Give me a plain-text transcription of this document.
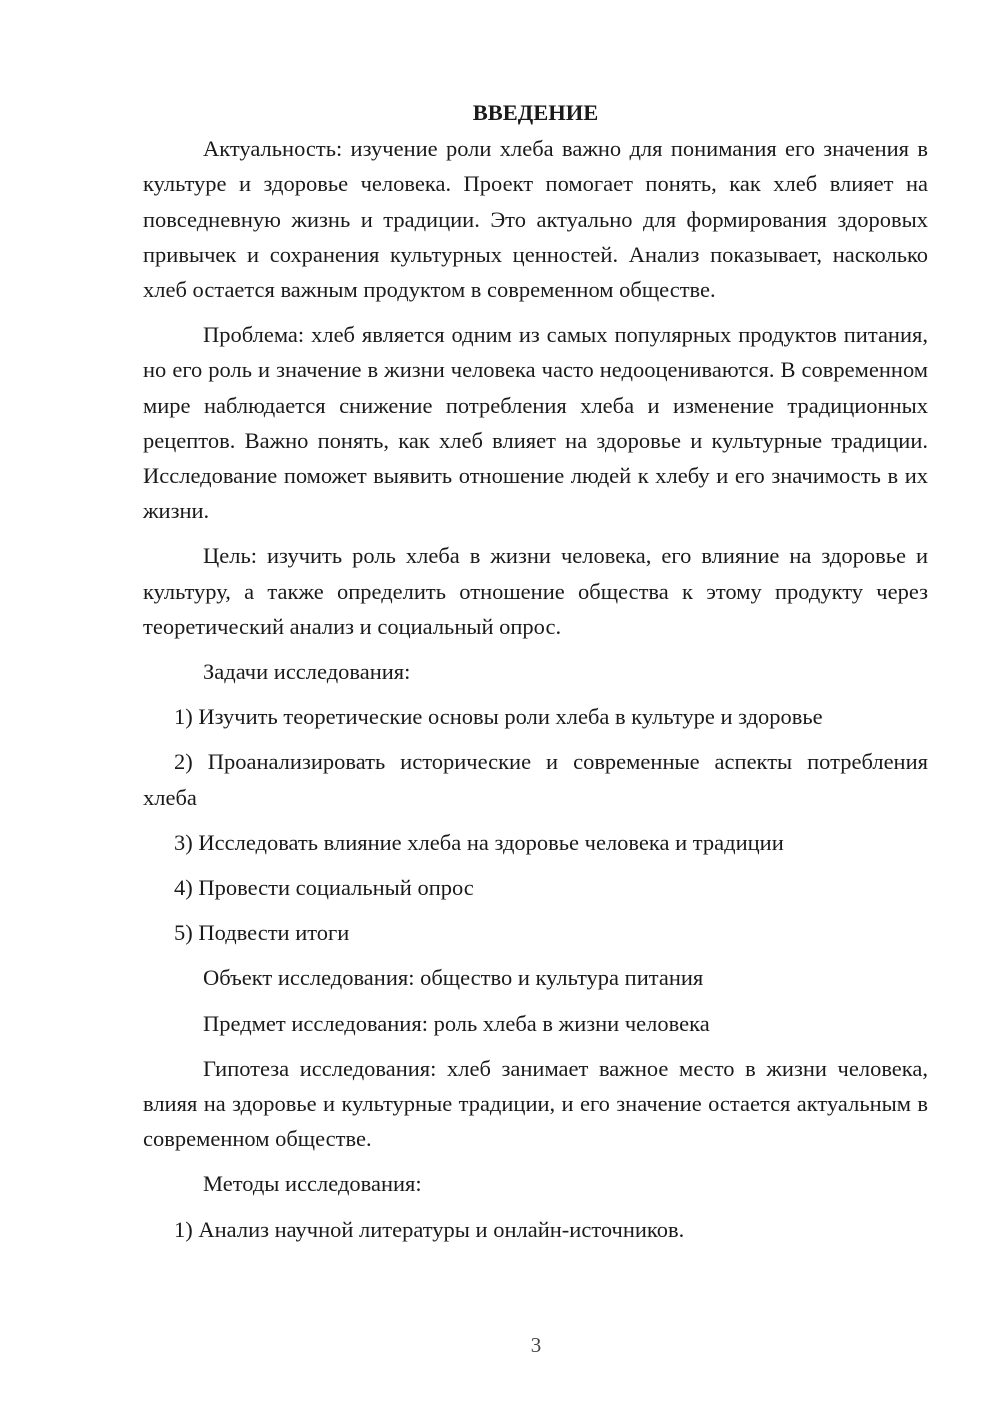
ВВЕДЕНИЕ

Актуальность: изучение роли хлеба важно для понимания его значения в культуре и здоровье человека. Проект помогает понять, как хлеб влияет на повседневную жизнь и традиции. Это актуально для формирования здоровых привычек и сохранения культурных ценностей. Анализ показывает, насколько хлеб остается важным продуктом в современном обществе.

Проблема: хлеб является одним из самых популярных продуктов питания, но его роль и значение в жизни человека часто недооцениваются. В современном мире наблюдается снижение потребления хлеба и изменение традиционных рецептов. Важно понять, как хлеб влияет на здоровье и культурные традиции. Исследование поможет выявить отношение людей к хлебу и его значимость в их жизни.

Цель: изучить роль хлеба в жизни человека, его влияние на здоровье и культуру, а также определить отношение общества к этому продукту через теоретический анализ и социальный опрос.

Задачи исследования:

1) Изучить теоретические основы роли хлеба в культуре и здоровье

2) Проанализировать исторические и современные аспекты потребления хлеба

3) Исследовать влияние хлеба на здоровье человека и традиции

4) Провести социальный опрос

5) Подвести итоги

Объект исследования: общество и культура питания

Предмет исследования: роль хлеба в жизни человека

Гипотеза исследования: хлеб занимает важное место в жизни человека, влияя на здоровье и культурные традиции, и его значение остается актуальным в современном обществе.

Методы исследования:

1) Анализ научной литературы и онлайн-источников.

3
